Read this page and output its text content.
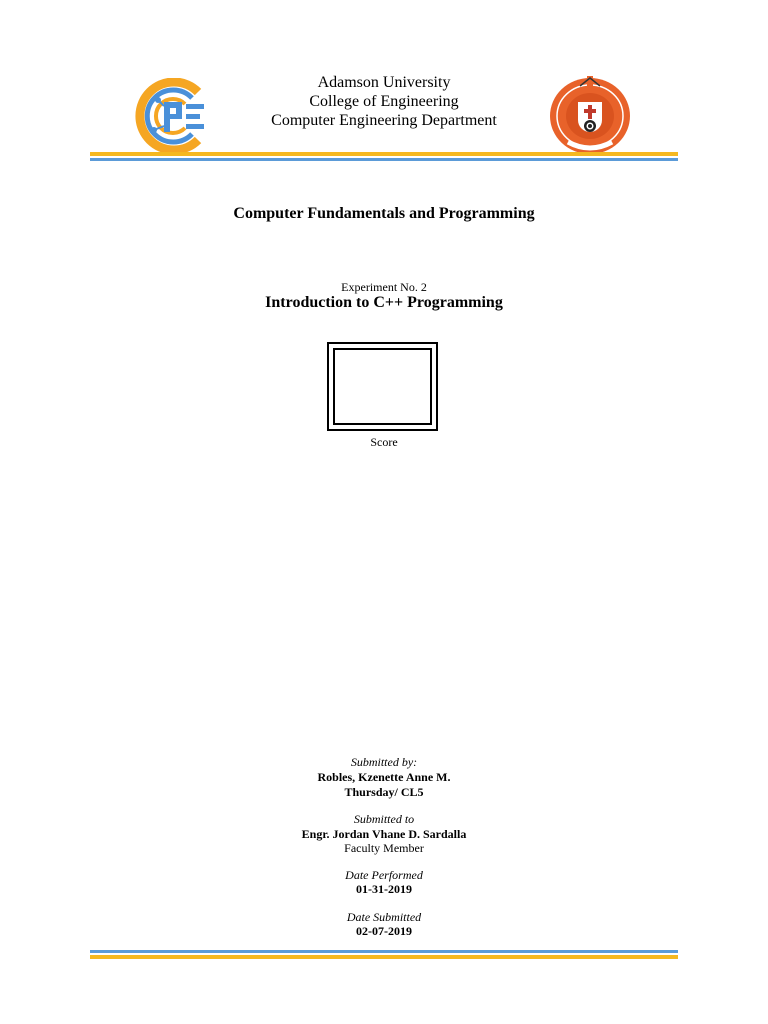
Adamson University
College of Engineering
Computer Engineering Department
Computer Fundamentals and Programming
Experiment No. 2
Introduction to C++ Programming
Score
Submitted by:
Robles, Kzenette Anne M.
Thursday/ CL5
Submitted to
Engr. Jordan Vhane D. Sardalla
Faculty Member
Date Performed
01-31-2019
Date Submitted
02-07-2019
